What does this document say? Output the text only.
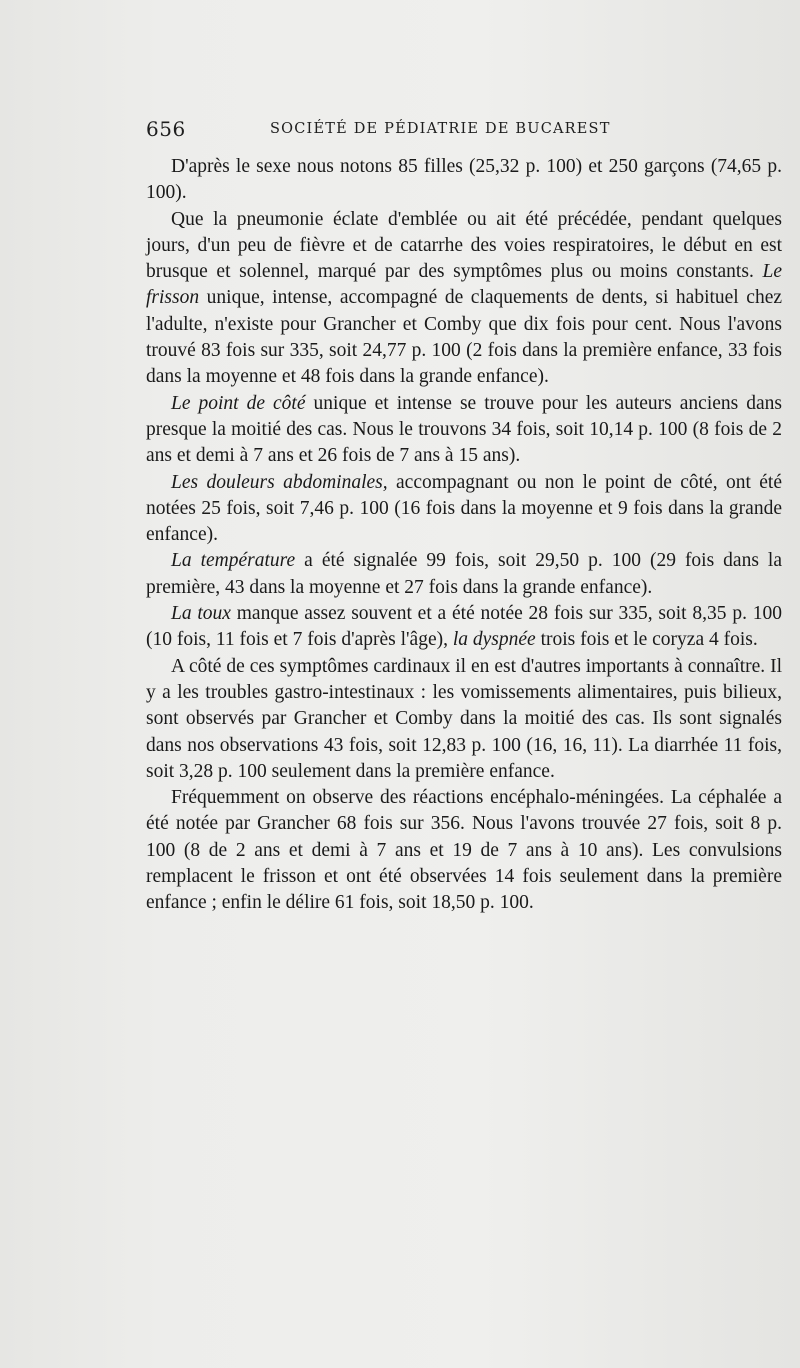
656	SOCIÉTÉ DE PÉDIATRIE DE BUCAREST

D'après le sexe nous notons 85 filles (25,32 p. 100) et 250 garçons (74,65 p. 100).

Que la pneumonie éclate d'emblée ou ait été précédée, pendant quelques jours, d'un peu de fièvre et de catarrhe des voies respiratoires, le début en est brusque et solennel, marqué par des symptômes plus ou moins constants. Le frisson unique, intense, accompagné de claquements de dents, si habituel chez l'adulte, n'existe pour Grancher et Comby que dix fois pour cent. Nous l'avons trouvé 83 fois sur 335, soit 24,77 p. 100 (2 fois dans la première enfance, 33 fois dans la moyenne et 48 fois dans la grande enfance).

Le point de côté unique et intense se trouve pour les auteurs anciens dans presque la moitié des cas. Nous le trouvons 34 fois, soit 10,14 p. 100 (8 fois de 2 ans et demi à 7 ans et 26 fois de 7 ans à 15 ans).

Les douleurs abdominales, accompagnant ou non le point de côté, ont été notées 25 fois, soit 7,46 p. 100 (16 fois dans la moyenne et 9 fois dans la grande enfance).

La température a été signalée 99 fois, soit 29,50 p. 100 (29 fois dans la première, 43 dans la moyenne et 27 fois dans la grande enfance).

La toux manque assez souvent et a été notée 28 fois sur 335, soit 8,35 p. 100 (10 fois, 11 fois et 7 fois d'après l'âge), la dyspnée trois fois et le coryza 4 fois.

A côté de ces symptômes cardinaux il en est d'autres importants à connaître. Il y a les troubles gastro-intestinaux : les vomissements alimentaires, puis bilieux, sont observés par Grancher et Comby dans la moitié des cas. Ils sont signalés dans nos observations 43 fois, soit 12,83 p. 100 (16, 16, 11). La diarrhée 11 fois, soit 3,28 p. 100 seulement dans la première enfance.

Fréquemment on observe des réactions encéphalo-méningées. La céphalée a été notée par Grancher 68 fois sur 356. Nous l'avons trouvée 27 fois, soit 8 p. 100 (8 de 2 ans et demi à 7 ans et 19 de 7 ans à 10 ans). Les convulsions remplacent le frisson et ont été observées 14 fois seulement dans la première enfance ; enfin le délire 61 fois, soit 18,50 p. 100.
